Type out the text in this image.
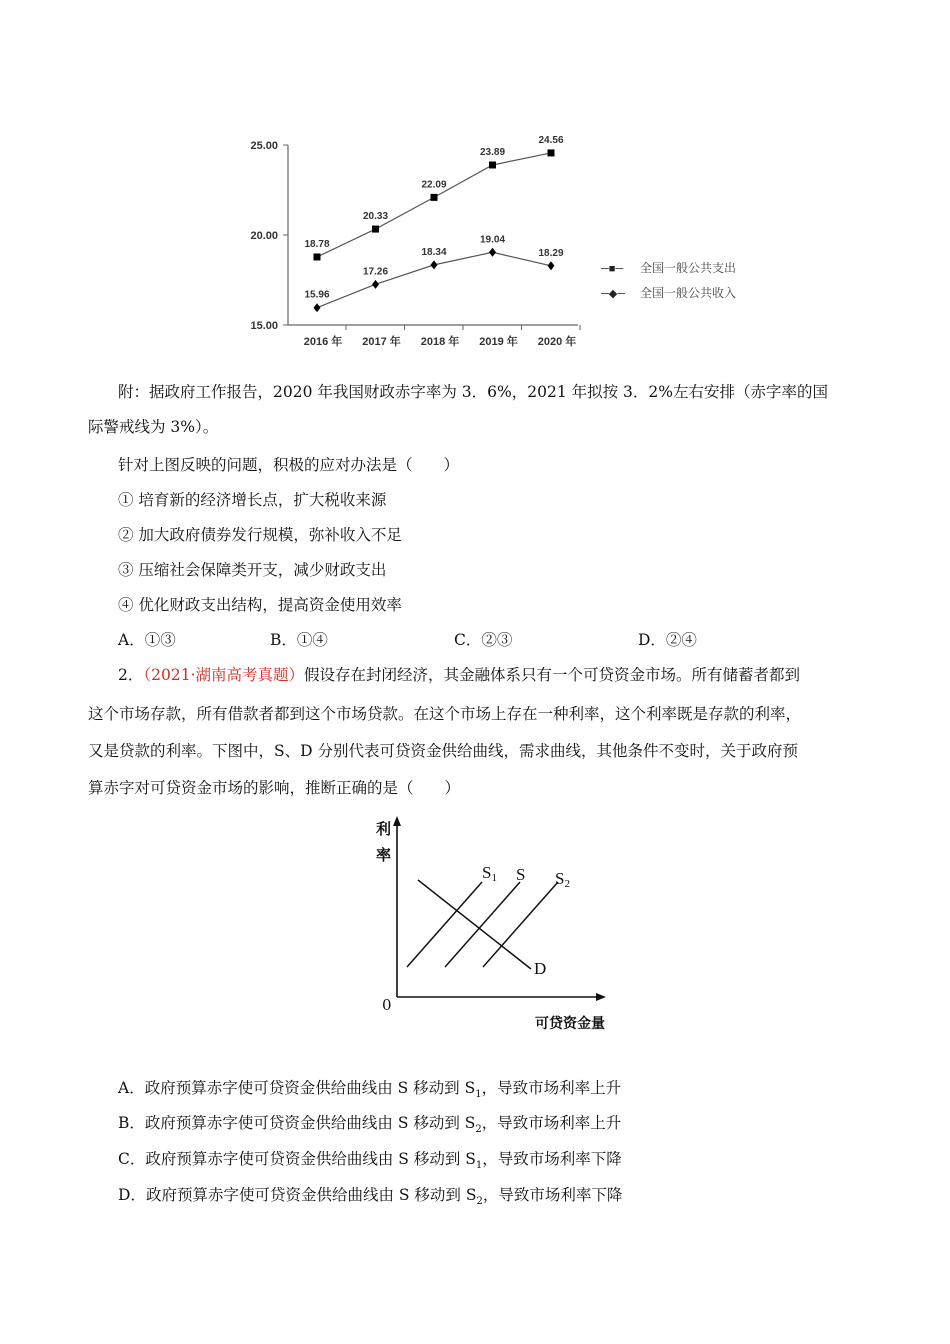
25.00
20.00
15.00
2016 年 2017 年 2018 年 2019 年 2020 年
18.78
20.33
22.09
23.89
24.56
15.96
17.26
18.34
19.04
18.29
─■─ 全国一般公共支出
─◆─ 全国一般公共收入
附：据政府工作报告，2020 年我国财政赤字率为 3．6%，2021 年拟按 3．2%左右安排（赤字率的国
际警戒线为 3%）。
针对上图反映的问题，积极的应对办法是（　　）
① 培育新的经济增长点，扩大税收来源
② 加大政府债券发行规模，弥补收入不足
③ 压缩社会保障类开支，减少财政支出
④ 优化财政支出结构，提高资金使用效率
A．①③	B．①④	C．②③	D．②④
2．（2021·湖南高考真题）假设存在封闭经济，其金融体系只有一个可贷资金市场。所有储蓄者都到
这个市场存款，所有借款者都到这个市场贷款。在这个市场上存在一种利率，这个利率既是存款的利率，
又是贷款的利率。下图中，S、D 分别代表可贷资金供给曲线，需求曲线，其他条件不变时，关于政府预
算赤字对可贷资金市场的影响，推断正确的是（　　）
利
率
可贷资金量
0
S1 S S2
D
A．政府预算赤字使可贷资金供给曲线由 S 移动到 $S_1$，导致市场利率上升
B．政府预算赤字使可贷资金供给曲线由 S 移动到 $S_2$，导致市场利率上升
C．政府预算赤字使可贷资金供给曲线由 S 移动到 $S_1$，导致市场利率下降
D．政府预算赤字使可贷资金供给曲线由 S 移动到 $S_2$，导致市场利率下降
